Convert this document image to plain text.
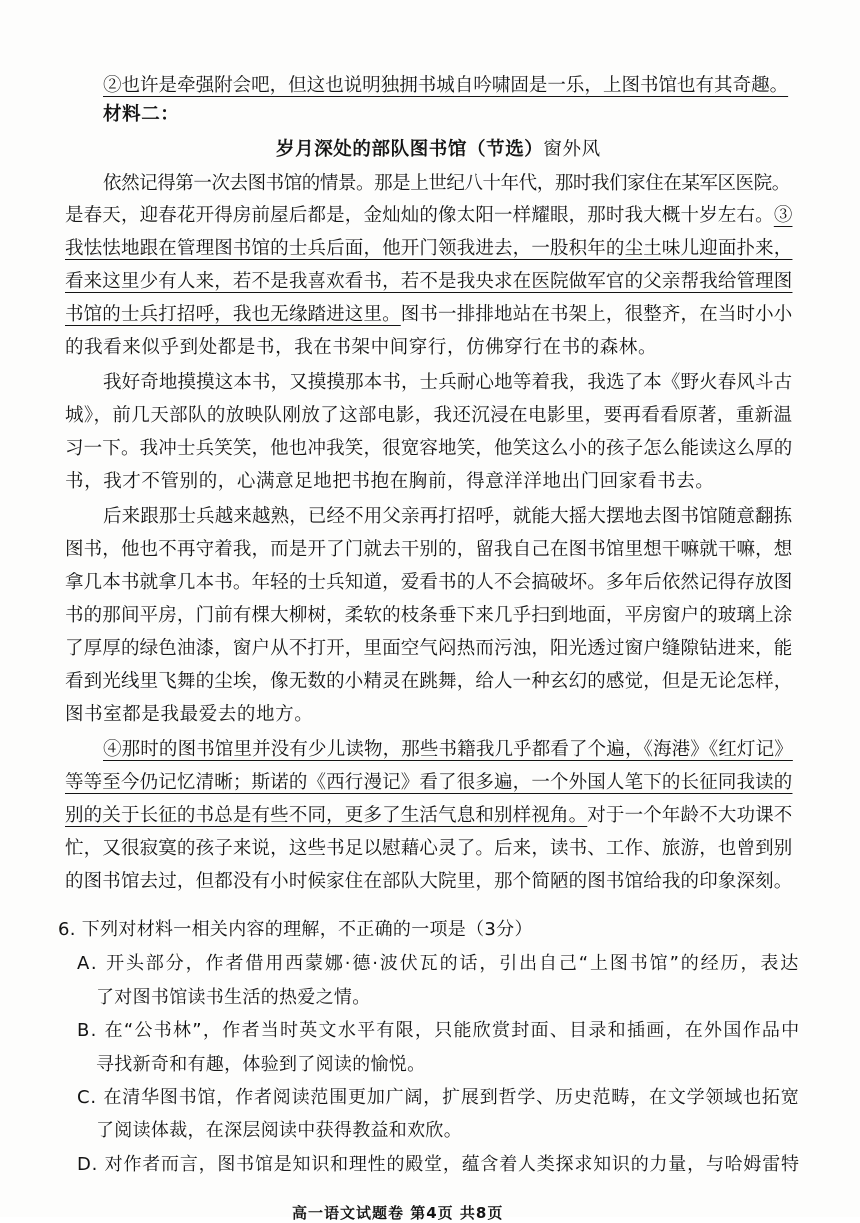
②也许是牵强附会吧，但这也说明独拥书城自吟啸固是一乐，上图书馆也有其奇趣。
材料二：
岁月深处的部队图书馆（节选）窗外风
依然记得第一次去图书馆的情景。那是上世纪八十年代，那时我们家住在某军区医院。
是春天，迎春花开得房前屋后都是，金灿灿的像太阳一样耀眼，那时我大概十岁左右。③
我怯怯地跟在管理图书馆的士兵后面，他开门领我进去，一股积年的尘土味儿迎面扑来，
看来这里少有人来，若不是我喜欢看书，若不是我央求在医院做军官的父亲帮我给管理图
书馆的士兵打招呼，我也无缘踏进这里。图书一排排地站在书架上，很整齐，在当时小小
的我看来似乎到处都是书，我在书架中间穿行，仿佛穿行在书的森林。
我好奇地摸摸这本书，又摸摸那本书，士兵耐心地等着我，我选了本《野火春风斗古
城》，前几天部队的放映队刚放了这部电影，我还沉浸在电影里，要再看看原著，重新温
习一下。我冲士兵笑笑，他也冲我笑，很宽容地笑，他笑这么小的孩子怎么能读这么厚的
书，我才不管别的，心满意足地把书抱在胸前，得意洋洋地出门回家看书去。
后来跟那士兵越来越熟，已经不用父亲再打招呼，就能大摇大摆地去图书馆随意翻拣
图书，他也不再守着我，而是开了门就去干别的，留我自己在图书馆里想干嘛就干嘛，想
拿几本书就拿几本书。年轻的士兵知道，爱看书的人不会搞破坏。多年后依然记得存放图
书的那间平房，门前有棵大柳树，柔软的枝条垂下来几乎扫到地面，平房窗户的玻璃上涂
了厚厚的绿色油漆，窗户从不打开，里面空气闷热而污浊，阳光透过窗户缝隙钻进来，能
看到光线里飞舞的尘埃，像无数的小精灵在跳舞，给人一种玄幻的感觉，但是无论怎样，
图书室都是我最爱去的地方。
④那时的图书馆里并没有少儿读物，那些书籍我几乎都看了个遍，《海港》《红灯记》
等等至今仍记忆清晰；斯诺的《西行漫记》看了很多遍，一个外国人笔下的长征同我读的
别的关于长征的书总是有些不同，更多了生活气息和别样视角。对于一个年龄不大功课不
忙，又很寂寞的孩子来说，这些书足以慰藉心灵了。后来，读书、工作、旅游，也曾到别
的图书馆去过，但都没有小时候家住在部队大院里，那个简陋的图书馆给我的印象深刻。
6. 下列对材料一相关内容的理解，不正确的一项是（3分）
A. 开头部分，作者借用西蒙娜·德·波伏瓦的话，引出自己“上图书馆”的经历，表达
了对图书馆读书生活的热爱之情。
B. 在“公书林”，作者当时英文水平有限，只能欣赏封面、目录和插画，在外国作品中
寻找新奇和有趣，体验到了阅读的愉悦。
C. 在清华图书馆，作者阅读范围更加广阔，扩展到哲学、历史范畴，在文学领域也拓宽
了阅读体裁，在深层阅读中获得教益和欢欣。
D. 对作者而言，图书馆是知识和理性的殿堂，蕴含着人类探求知识的力量，与哈姆雷特
高一语文试题卷 第4页 共8页
